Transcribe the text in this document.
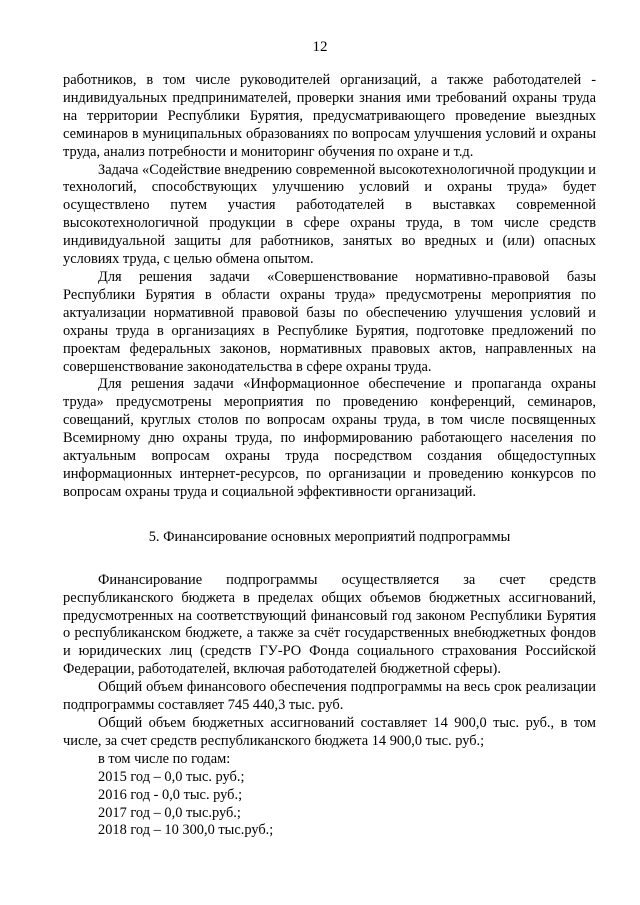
12

работников, в том числе руководителей организаций, а также работодателей - индивидуальных предпринимателей, проверки знания ими требований охраны труда на территории Республики Бурятия, предусматривающего проведение выездных семинаров в муниципальных образованиях по вопросам улучшения условий и охраны труда, анализ потребности и мониторинг обучения по охране и т.д.

Задача «Содействие внедрению современной высокотехнологичной продукции и технологий, способствующих улучшению условий и охраны труда» будет осуществлено путем участия работодателей в выставках современной высокотехнологичной продукции в сфере охраны труда, в том числе средств индивидуальной защиты для работников, занятых во вредных и (или) опасных условиях труда, с целью обмена опытом.

Для решения задачи «Совершенствование нормативно-правовой базы Республики Бурятия в области охраны труда» предусмотрены мероприятия по актуализации нормативной правовой базы по обеспечению улучшения условий и охраны труда в организациях в Республике Бурятия, подготовке предложений по проектам федеральных законов, нормативных правовых актов, направленных на совершенствование законодательства в сфере охраны труда.

Для решения задачи «Информационное обеспечение и пропаганда охраны труда» предусмотрены мероприятия по проведению конференций, семинаров, совещаний, круглых столов по вопросам охраны труда, в том числе посвященных Всемирному дню охраны труда, по информированию работающего населения по актуальным вопросам охраны труда посредством создания общедоступных информационных интернет-ресурсов, по организации и проведению конкурсов по вопросам охраны труда и социальной эффективности организаций.

5. Финансирование основных мероприятий подпрограммы

Финансирование подпрограммы осуществляется за счет средств республиканского бюджета в пределах общих объемов бюджетных ассигнований, предусмотренных на соответствующий финансовый год законом Республики Бурятия о республиканском бюджете, а также за счёт государственных внебюджетных фондов и юридических лиц (средств ГУ-РО Фонда социального страхования Российской Федерации, работодателей, включая работодателей бюджетной сферы).

Общий объем финансового обеспечения подпрограммы на весь срок реализации подпрограммы составляет 745 440,3 тыс. руб.

Общий объем бюджетных ассигнований составляет 14 900,0 тыс. руб., в том числе, за счет средств республиканского бюджета 14 900,0 тыс. руб.;

в том числе по годам:

2015 год – 0,0 тыс. руб.;

2016 год - 0,0 тыс. руб.;

2017 год – 0,0 тыс.руб.;

2018 год – 10 300,0 тыс.руб.;
